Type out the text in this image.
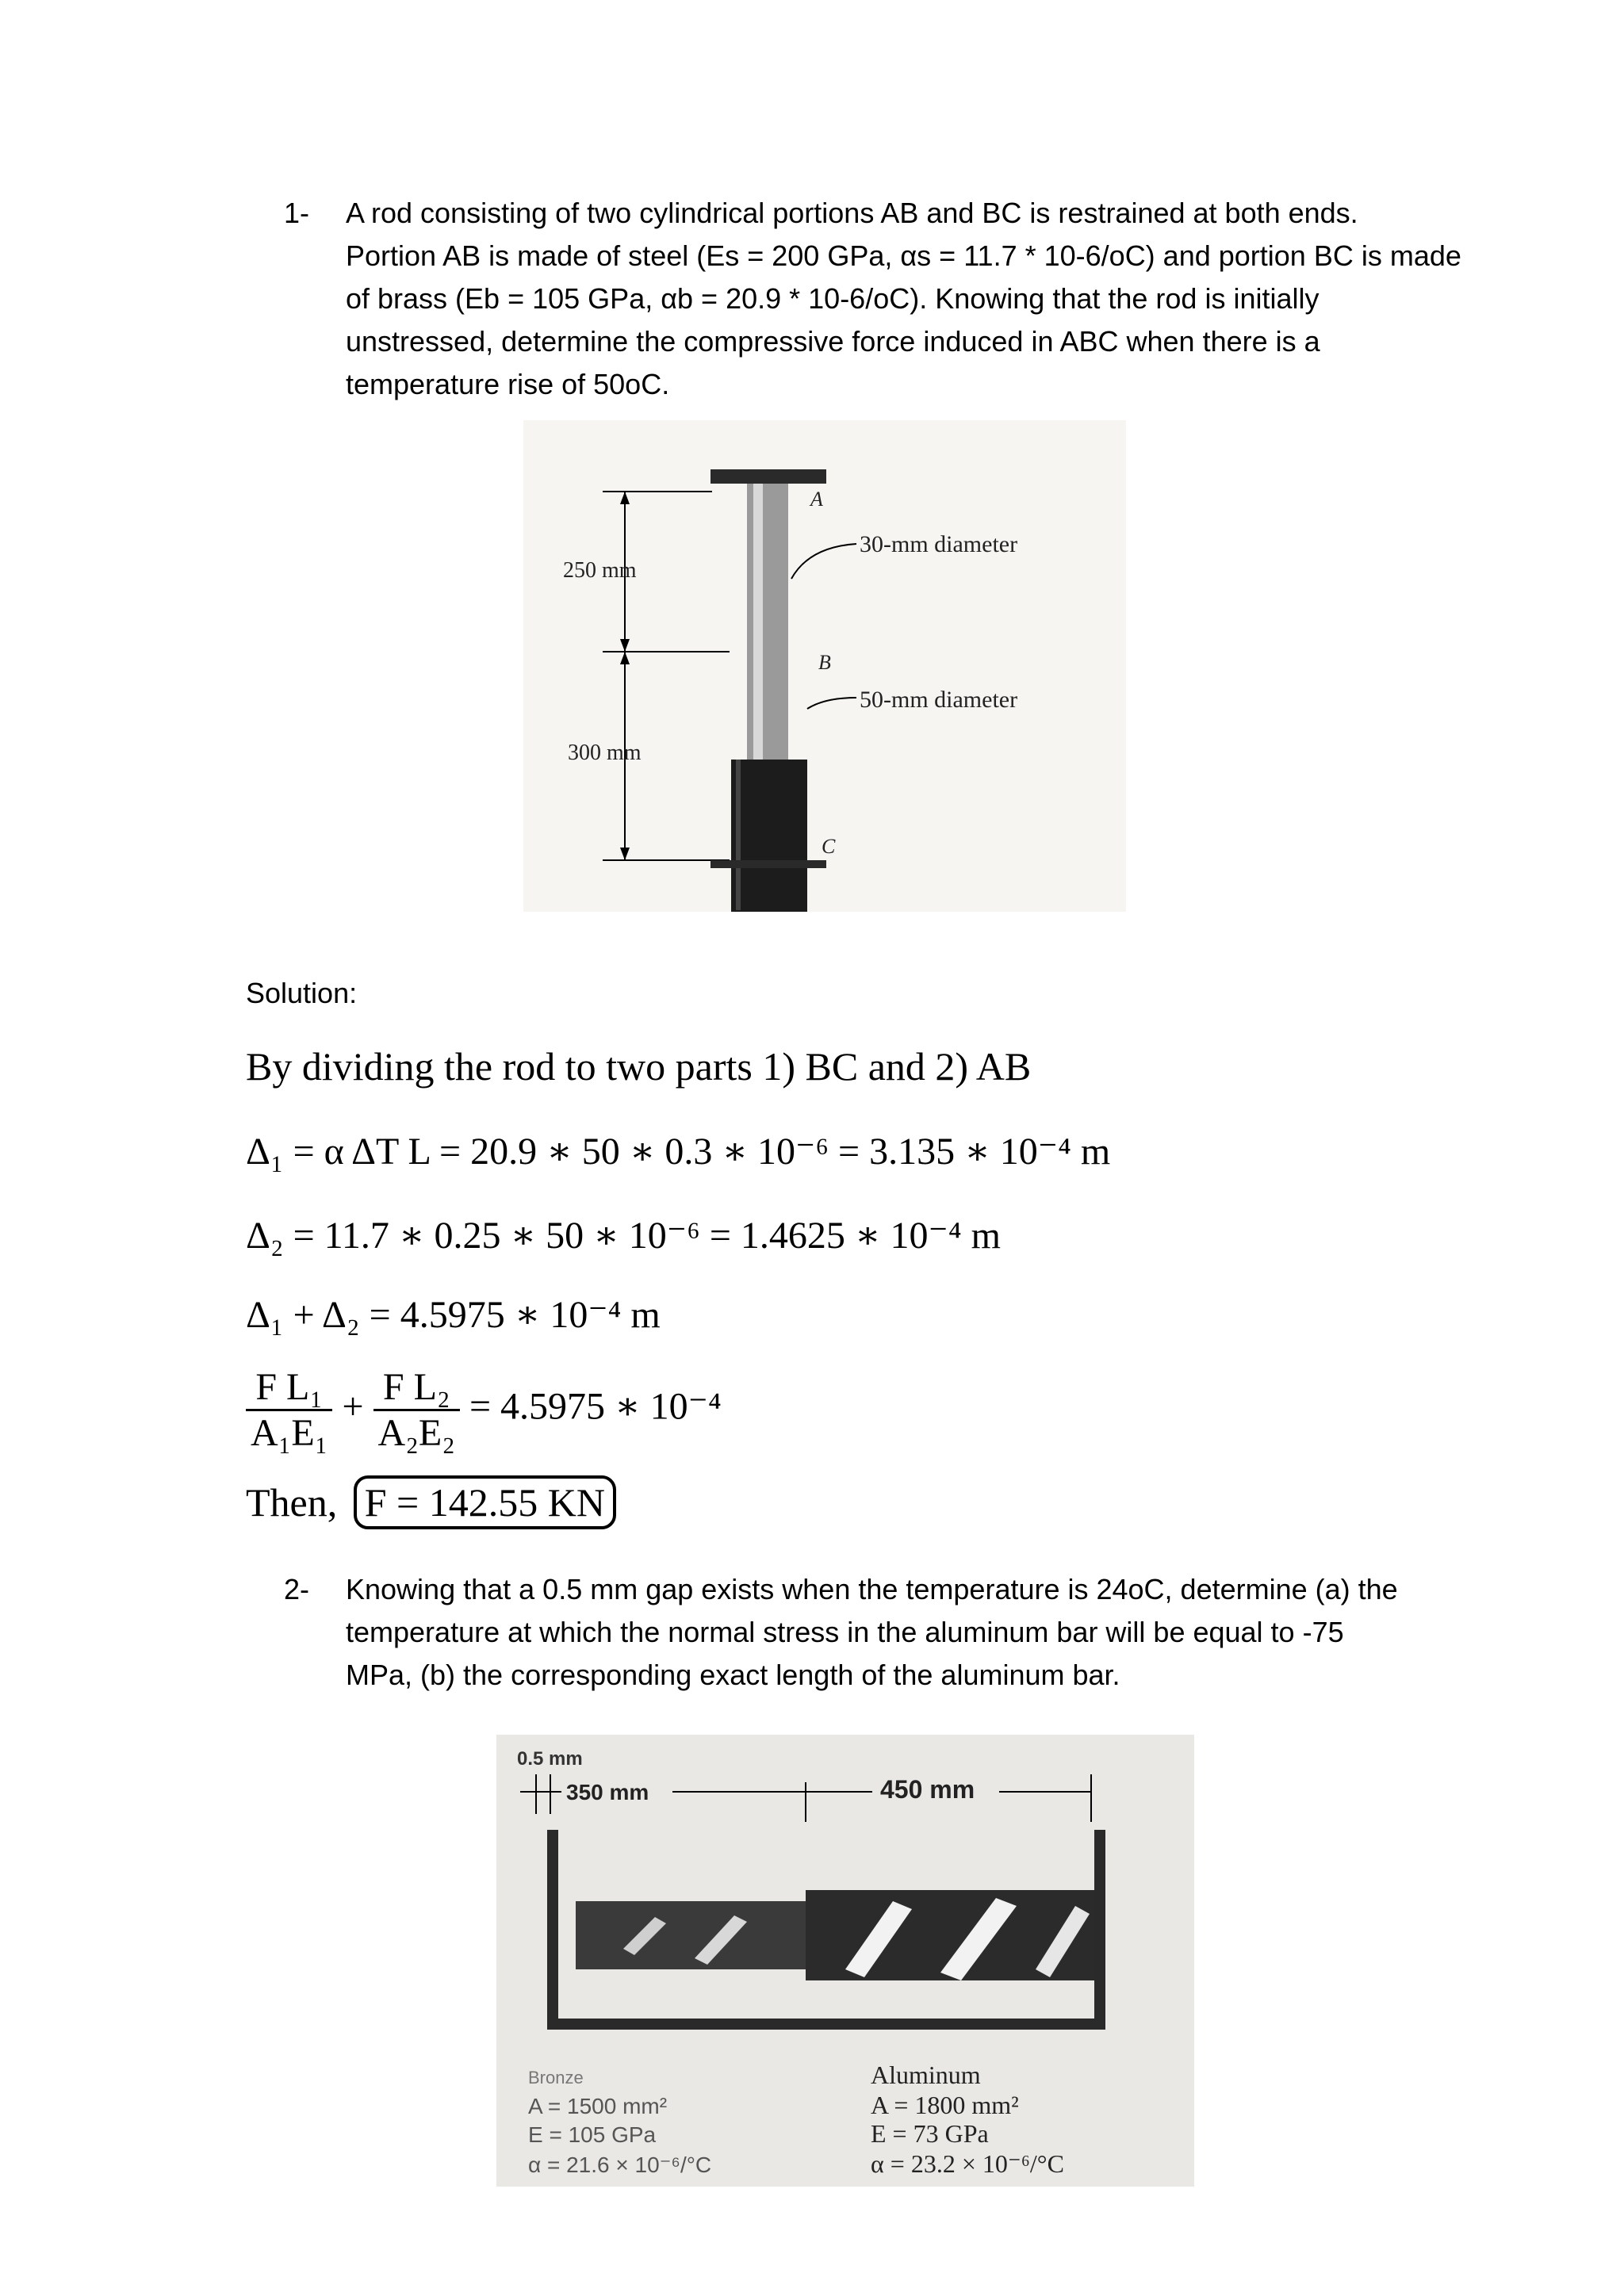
1- A rod consisting of two cylindrical portions AB and BC is restrained at both ends.
Portion AB is made of steel (Es = 200 GPa, αs = 11.7 * 10-6/oC) and portion BC is made
of brass (Eb = 105 GPa, αb = 20.9 * 10-6/oC). Knowing that the rod is initially
unstressed, determine the compressive force induced in ABC when there is a
temperature rise of 50oC.
250 mm
300 mm
A
B
C
30-mm diameter
50-mm diameter
Solution:
By dividing the rod to two parts 1) BC and 2) AB
Δ₁ = α ΔT L = 20.9 ∗ 50 ∗ 0.3 ∗ 10⁻⁶ = 3.135 ∗ 10⁻⁴ m
Δ₂ = 11.7 ∗ 0.25 ∗ 50 ∗ 10⁻⁶ = 1.4625 ∗ 10⁻⁴ m
Δ₁ + Δ₂ = 4.5975 ∗ 10⁻⁴ m
$\frac{\text{F L₁}}{\text{A₁E₁}} + \frac{\text{F L₂}}{\text{A₂E₂}} = 4.5975$ ∗ 10⁻⁴
Then, F = 142.55 KN
2- Knowing that a 0.5 mm gap exists when the temperature is 24oC, determine (a) the
temperature at which the normal stress in the aluminum bar will be equal to -75
MPa, (b) the corresponding exact length of the aluminum bar.
0.5 mm
350 mm	450 mm
Bronze
A = 1500 mm²
E = 105 GPa
α = 21.6 × 10⁻⁶/°C
Aluminum
A = 1800 mm²
E = 73 GPa
α = 23.2 × 10⁻⁶/°C
